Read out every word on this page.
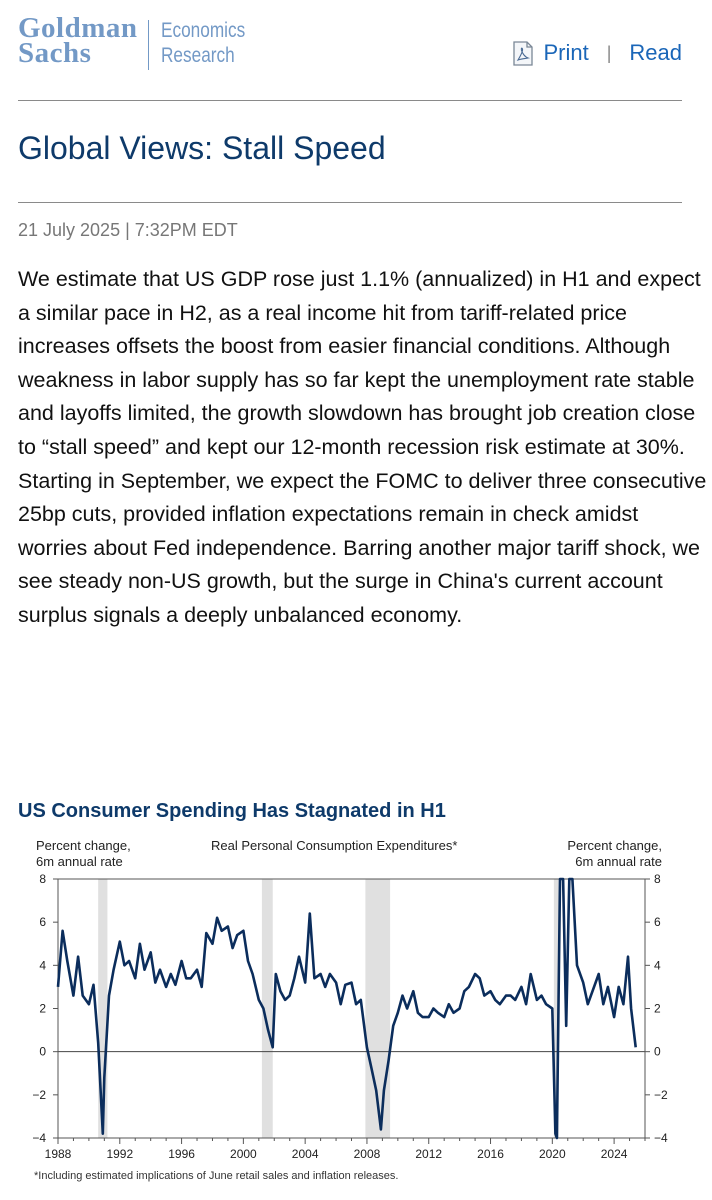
Goldman
Sachs
Economics
Research	Print | Read
Global Views: Stall Speed
21 July 2025 | 7:32PM EDT

We estimate that US GDP rose just 1.1% (annualized) in H1 and expect a similar pace in H2, as a real income hit from tariff-related price increases offsets the boost from easier financial conditions. Although weakness in labor supply has so far kept the unemployment rate stable and layoffs limited, the growth slowdown has brought job creation close to “stall speed” and kept our 12-month recession risk estimate at 30%. Starting in September, we expect the FOMC to deliver three consecutive 25bp cuts, provided inflation expectations remain in check amidst worries about Fed independence. Barring another major tariff shock, we see steady non-US growth, but the surge in China's current account surplus signals a deeply unbalanced economy.

US Consumer Spending Has Stagnated in H1
8	8
6	6
4	4
2	2
0	0
−2	−2
−4	−4
1988	1992	1996	2000	2004	2008	2012	2016	2020	2024
Real Personal Consumption Expenditures*
Percent change,
6m annual rate
Percent change,
6m annual rate
*Including estimated implications of June retail sales and inflation releases.
